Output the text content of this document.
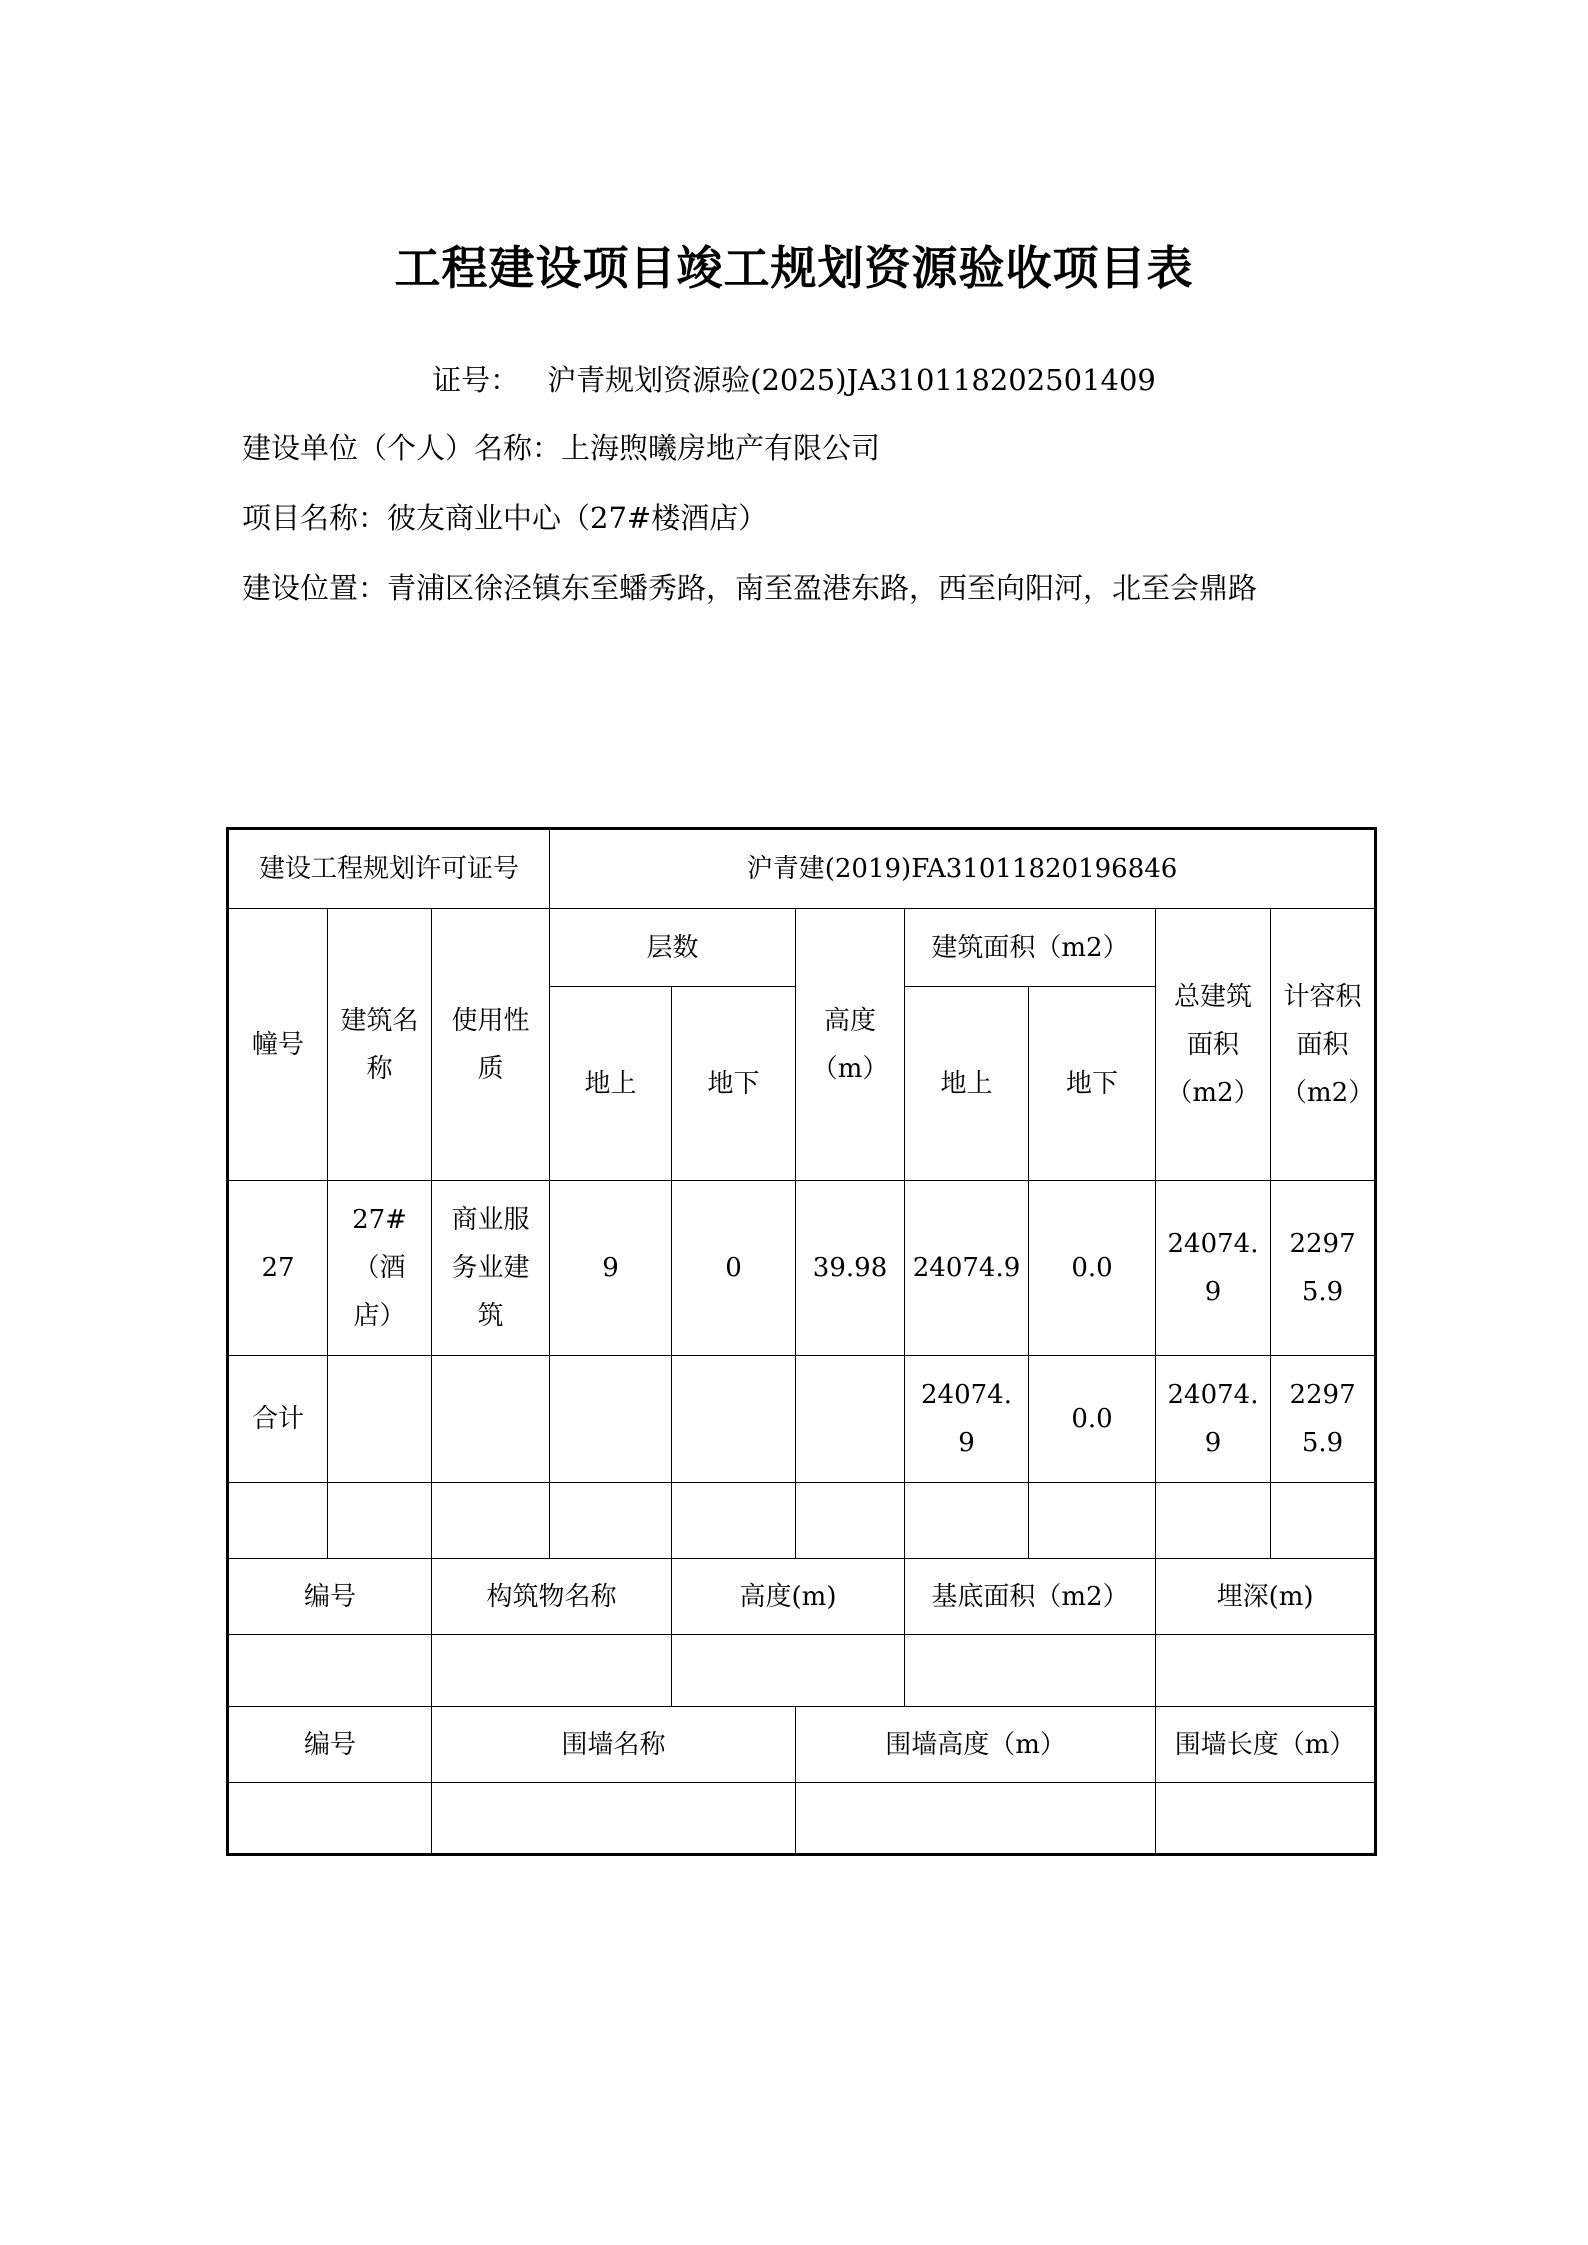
工程建设项目竣工规划资源验收项目表
证号： 沪青规划资源验(2025)JA310118202501409
建设单位（个人）名称：上海煦曦房地产有限公司
项目名称：彼友商业中心（27#楼酒店）
建设位置：青浦区徐泾镇东至蟠秀路，南至盈港东路，西至向阳河，北至会鼎路
建设工程规划许可证号			沪青建(2019)FA31011820196846						
幢号	建筑名称	使用性质	层数		高度（m）	建筑面积（m2）		总建筑面积（m2）	计容积面积（m2）
			地上	地下		地上	地下		
27	27#（酒店）	商业服务业建筑	9	0	39.98	24074.9	0.0	24074.9	22975.9
合计						24074.9	0.0	24074.9	22975.9

编号		构筑物名称		高度(m)		基底面积（m2）		埋深(m)	

编号		围墙名称			围墙高度（m）			围墙长度（m）	
